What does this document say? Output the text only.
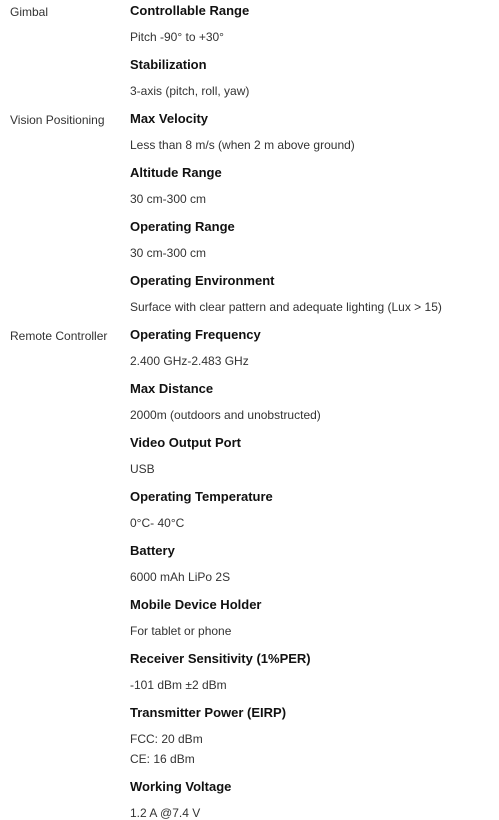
Gimbal	Controllable Range
Pitch -90° to +30°
Stabilization
3-axis (pitch, roll, yaw)
Vision Positioning Max Velocity
Less than 8 m/s (when 2 m above ground)
Altitude Range
30 cm-300 cm
Operating Range
30 cm-300 cm
Operating Environment
Surface with clear pattern and adequate lighting (Lux > 15)
Remote Controller Operating Frequency
2.400 GHz-2.483 GHz
Max Distance
2000m (outdoors and unobstructed)
Video Output Port
USB
Operating Temperature
0°C- 40°C
Battery
6000 mAh LiPo 2S
Mobile Device Holder
For tablet or phone
Receiver Sensitivity (1%PER)
-101 dBm ±2 dBm
Transmitter Power (EIRP)
FCC: 20 dBm
CE: 16 dBm
Working Voltage
1.2 A @7.4 V
